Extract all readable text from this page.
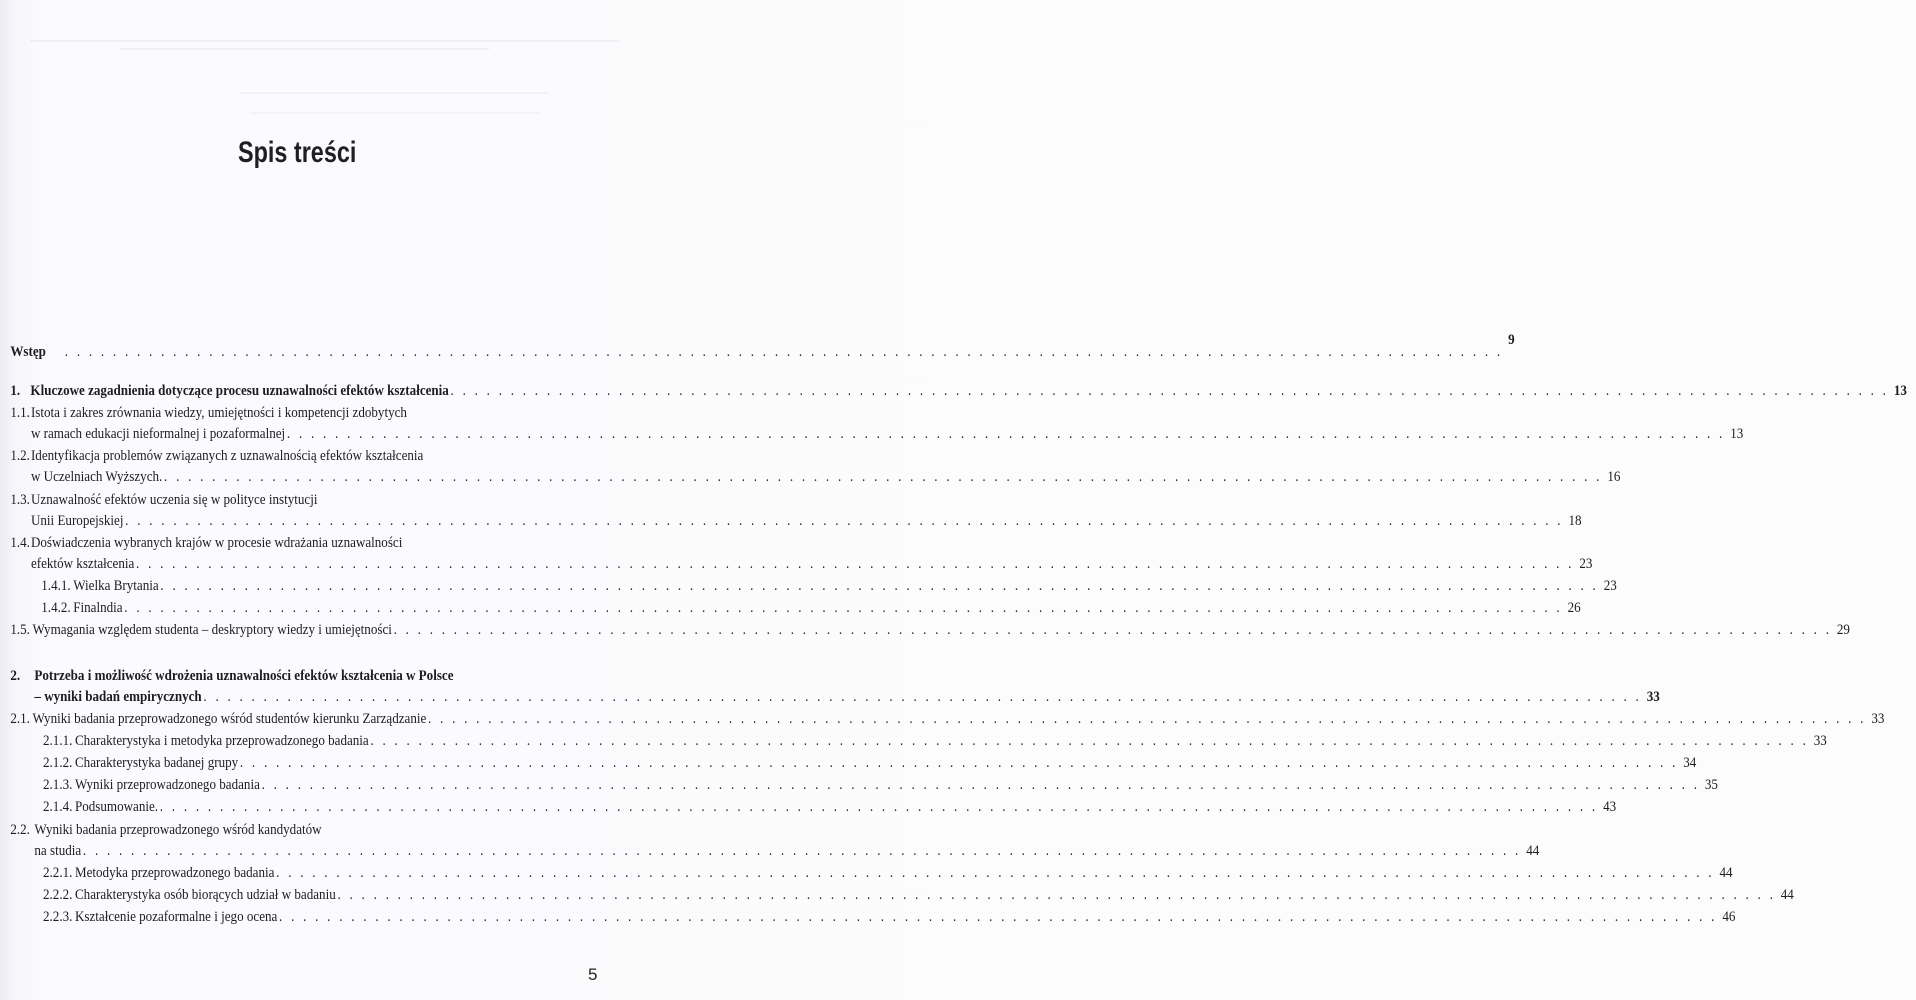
Spis treści
Wstęp . . . . . . . . . . . . . . . . . . . . . . . . . . . . . . . . . . . . . . . . . . . . . . . . . . . . . . . . . . . . . . . . . . . . . . . . . . . . . . . . . . . . . . . . . . . . . . . . . . . . . . . . . . . . . . . . . . . . . . . .
9
1. Kluczowe zagadnienia dotyczące procesu uznawalności efektów kształcenia . . . . . . . . . . . . . . . . . . . . . . . . . . . . . . . . . . . . . . . . . . . . . . . . . . . . . . . . . . . . . . . . . . . . . . . . . . . . . . . . . . . . . . . . . . . . . . . . . . . . . . . . . . . . . . . . . . . . . . . . 13
1.1. Istota i zakres zrównania wiedzy, umiejętności i kompetencji zdobytych
w ramach edukacji nieformalnej i pozaformalnej . . . . . . . . . . . . . . . . . . . . . . . . . . . . . . . . . . . . . . . . . . . . . . . . . . . . . . . . . . . . . . . . . . . . . . . . . . . . . . . . . . . . . . . . . . . . . . . . . . . . . . . . . . . . . . . . . . . . . . . . 13
1.2. Identyfikacja problemów związanych z uznawalnością efektów kształcenia
w Uczelniach Wyższych. . . . . . . . . . . . . . . . . . . . . . . . . . . . . . . . . . . . . . . . . . . . . . . . . . . . . . . . . . . . . . . . . . . . . . . . . . . . . . . . . . . . . . . . . . . . . . . . . . . . . . . . . . . . . . . . . . . . . . . . . 16
1.3. Uznawalność efektów uczenia się w polityce instytucji
Unii Europejskiej . . . . . . . . . . . . . . . . . . . . . . . . . . . . . . . . . . . . . . . . . . . . . . . . . . . . . . . . . . . . . . . . . . . . . . . . . . . . . . . . . . . . . . . . . . . . . . . . . . . . . . . . . . . . . . . . . . . . . . . . 18
1.4. Doświadczenia wybranych krajów w procesie wdrażania uznawalności
efektów kształcenia . . . . . . . . . . . . . . . . . . . . . . . . . . . . . . . . . . . . . . . . . . . . . . . . . . . . . . . . . . . . . . . . . . . . . . . . . . . . . . . . . . . . . . . . . . . . . . . . . . . . . . . . . . . . . . . . . . . . . . . . 23
1.4.1. Wielka Brytania . . . . . . . . . . . . . . . . . . . . . . . . . . . . . . . . . . . . . . . . . . . . . . . . . . . . . . . . . . . . . . . . . . . . . . . . . . . . . . . . . . . . . . . . . . . . . . . . . . . . . . . . . . . . . . . . . . . . . . . . 23
1.4.2. Finalndia . . . . . . . . . . . . . . . . . . . . . . . . . . . . . . . . . . . . . . . . . . . . . . . . . . . . . . . . . . . . . . . . . . . . . . . . . . . . . . . . . . . . . . . . . . . . . . . . . . . . . . . . . . . . . . . . . . . . . . . . 26
1.5. Wymagania względem studenta – deskryptory wiedzy i umiejętności . . . . . . . . . . . . . . . . . . . . . . . . . . . . . . . . . . . . . . . . . . . . . . . . . . . . . . . . . . . . . . . . . . . . . . . . . . . . . . . . . . . . . . . . . . . . . . . . . . . . . . . . . . . . . . . . . . . . . . . . 29
2. Potrzeba i możliwość wdrożenia uznawalności efektów kształcenia w Polsce
– wyniki badań empirycznych . . . . . . . . . . . . . . . . . . . . . . . . . . . . . . . . . . . . . . . . . . . . . . . . . . . . . . . . . . . . . . . . . . . . . . . . . . . . . . . . . . . . . . . . . . . . . . . . . . . . . . . . . . . . . . . . . . . . . . . . 33
2.1. Wyniki badania przeprowadzonego wśród studentów kierunku Zarządzanie . . . . . . . . . . . . . . . . . . . . . . . . . . . . . . . . . . . . . . . . . . . . . . . . . . . . . . . . . . . . . . . . . . . . . . . . . . . . . . . . . . . . . . . . . . . . . . . . . . . . . . . . . . . . . . . . . . . . . . . . 33
2.1.1. Charakterystyka i metodyka przeprowadzonego badania . . . . . . . . . . . . . . . . . . . . . . . . . . . . . . . . . . . . . . . . . . . . . . . . . . . . . . . . . . . . . . . . . . . . . . . . . . . . . . . . . . . . . . . . . . . . . . . . . . . . . . . . . . . . . . . . . . . . . . . . 33
2.1.2. Charakterystyka badanej grupy . . . . . . . . . . . . . . . . . . . . . . . . . . . . . . . . . . . . . . . . . . . . . . . . . . . . . . . . . . . . . . . . . . . . . . . . . . . . . . . . . . . . . . . . . . . . . . . . . . . . . . . . . . . . . . . . . . . . . . . . 34
2.1.3. Wyniki przeprowadzonego badania . . . . . . . . . . . . . . . . . . . . . . . . . . . . . . . . . . . . . . . . . . . . . . . . . . . . . . . . . . . . . . . . . . . . . . . . . . . . . . . . . . . . . . . . . . . . . . . . . . . . . . . . . . . . . . . . . . . . . . . . 35
2.1.4. Podsumowanie. . . . . . . . . . . . . . . . . . . . . . . . . . . . . . . . . . . . . . . . . . . . . . . . . . . . . . . . . . . . . . . . . . . . . . . . . . . . . . . . . . . . . . . . . . . . . . . . . . . . . . . . . . . . . . . . . . . . . . . . . 43
2.2. Wyniki badania przeprowadzonego wśród kandydatów
na studia . . . . . . . . . . . . . . . . . . . . . . . . . . . . . . . . . . . . . . . . . . . . . . . . . . . . . . . . . . . . . . . . . . . . . . . . . . . . . . . . . . . . . . . . . . . . . . . . . . . . . . . . . . . . . . . . . . . . . . . . 44
2.2.1. Metodyka przeprowadzonego badania . . . . . . . . . . . . . . . . . . . . . . . . . . . . . . . . . . . . . . . . . . . . . . . . . . . . . . . . . . . . . . . . . . . . . . . . . . . . . . . . . . . . . . . . . . . . . . . . . . . . . . . . . . . . . . . . . . . . . . . . 44
2.2.2. Charakterystyka osób biorących udział w badaniu . . . . . . . . . . . . . . . . . . . . . . . . . . . . . . . . . . . . . . . . . . . . . . . . . . . . . . . . . . . . . . . . . . . . . . . . . . . . . . . . . . . . . . . . . . . . . . . . . . . . . . . . . . . . . . . . . . . . . . . . 44
2.2.3. Kształcenie pozaformalne i jego ocena . . . . . . . . . . . . . . . . . . . . . . . . . . . . . . . . . . . . . . . . . . . . . . . . . . . . . . . . . . . . . . . . . . . . . . . . . . . . . . . . . . . . . . . . . . . . . . . . . . . . . . . . . . . . . . . . . . . . . . . . 46
5
